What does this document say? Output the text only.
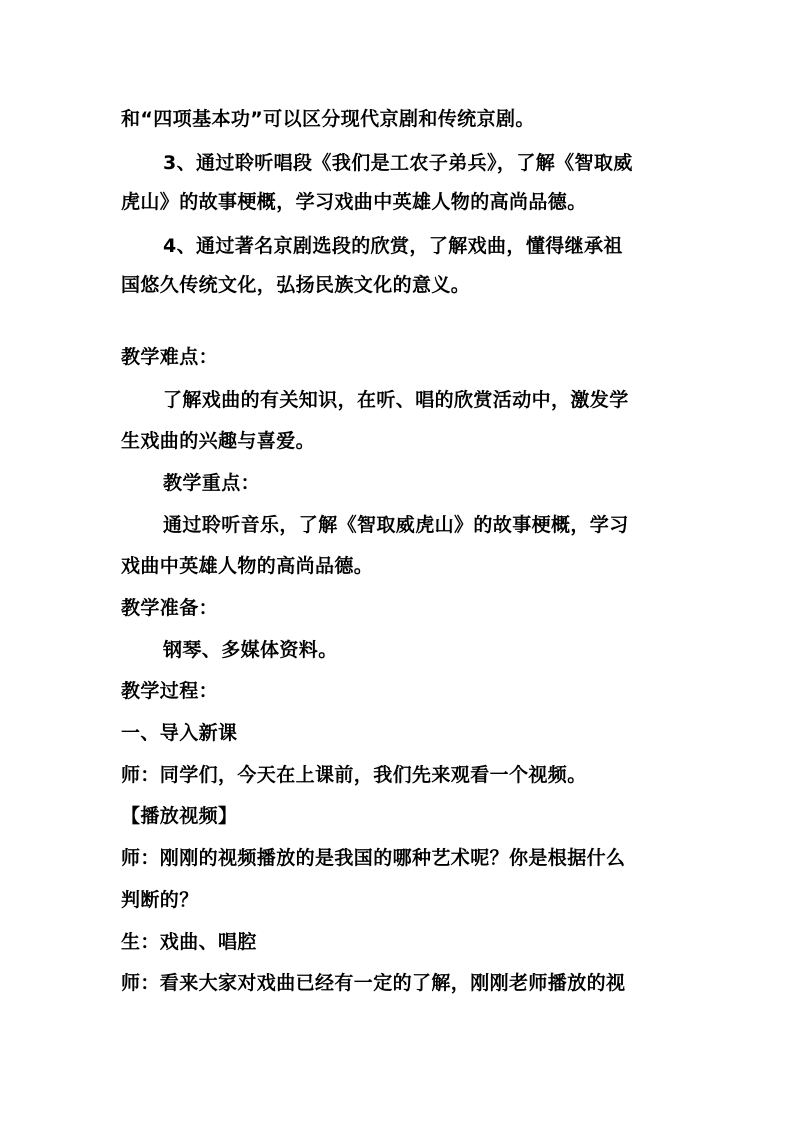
和“四项基本功”可以区分现代京剧和传统京剧。
3、通过聆听唱段《我们是工农子弟兵》，了解《智取威
虎山》的故事梗概，学习戏曲中英雄人物的高尚品德。
4、通过著名京剧选段的欣赏，了解戏曲，懂得继承祖
国悠久传统文化，弘扬民族文化的意义。
教学难点：
了解戏曲的有关知识，在听、唱的欣赏活动中，激发学
生戏曲的兴趣与喜爱。
教学重点：
通过聆听音乐，了解《智取威虎山》的故事梗概，学习
戏曲中英雄人物的高尚品德。
教学准备：
钢琴、多媒体资料。
教学过程：
一、导入新课
师：同学们，今天在上课前，我们先来观看一个视频。
【播放视频】
师：刚刚的视频播放的是我国的哪种艺术呢？你是根据什么
判断的？
生：戏曲、唱腔
师：看来大家对戏曲已经有一定的了解，刚刚老师播放的视
